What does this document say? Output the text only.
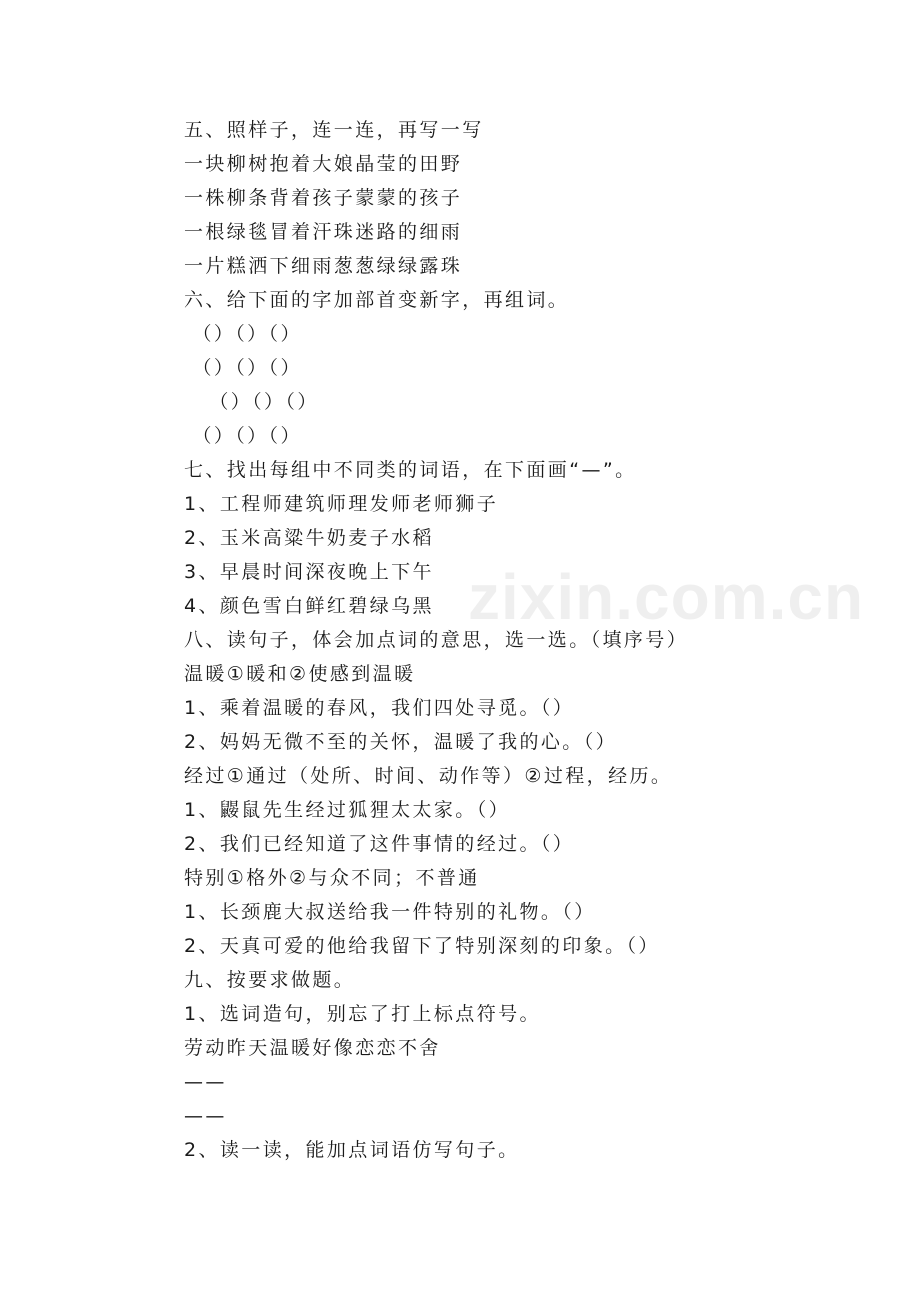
zixin.com.cn
五、照样子，连一连，再写一写
一块柳树抱着大娘晶莹的田野
一株柳条背着孩子蒙蒙的孩子
一根绿毯冒着汗珠迷路的细雨
一片糕洒下细雨葱葱绿绿露珠
六、给下面的字加部首变新字，再组词。
（）（）（）
（）（）（）
（）（）（）
（）（）（）
七、找出每组中不同类的词语，在下面画“—”。
1、工程师建筑师理发师老师狮子
2、玉米高粱牛奶麦子水稻
3、早晨时间深夜晚上下午
4、颜色雪白鲜红碧绿乌黑
八、读句子，体会加点词的意思，选一选。（填序号）
温暖①暖和②使感到温暖
1、乘着温暖的春风，我们四处寻觅。（）
2、妈妈无微不至的关怀，温暖了我的心。（）
经过①通过（处所、时间、动作等）②过程，经历。
1、鼹鼠先生经过狐狸太太家。（）
2、我们已经知道了这件事情的经过。（）
特别①格外②与众不同；不普通
1、长颈鹿大叔送给我一件特别的礼物。（）
2、天真可爱的他给我留下了特别深刻的印象。（）
九、按要求做题。
1、选词造句，别忘了打上标点符号。
劳动昨天温暖好像恋恋不舍
——
——
2、读一读，能加点词语仿写句子。
